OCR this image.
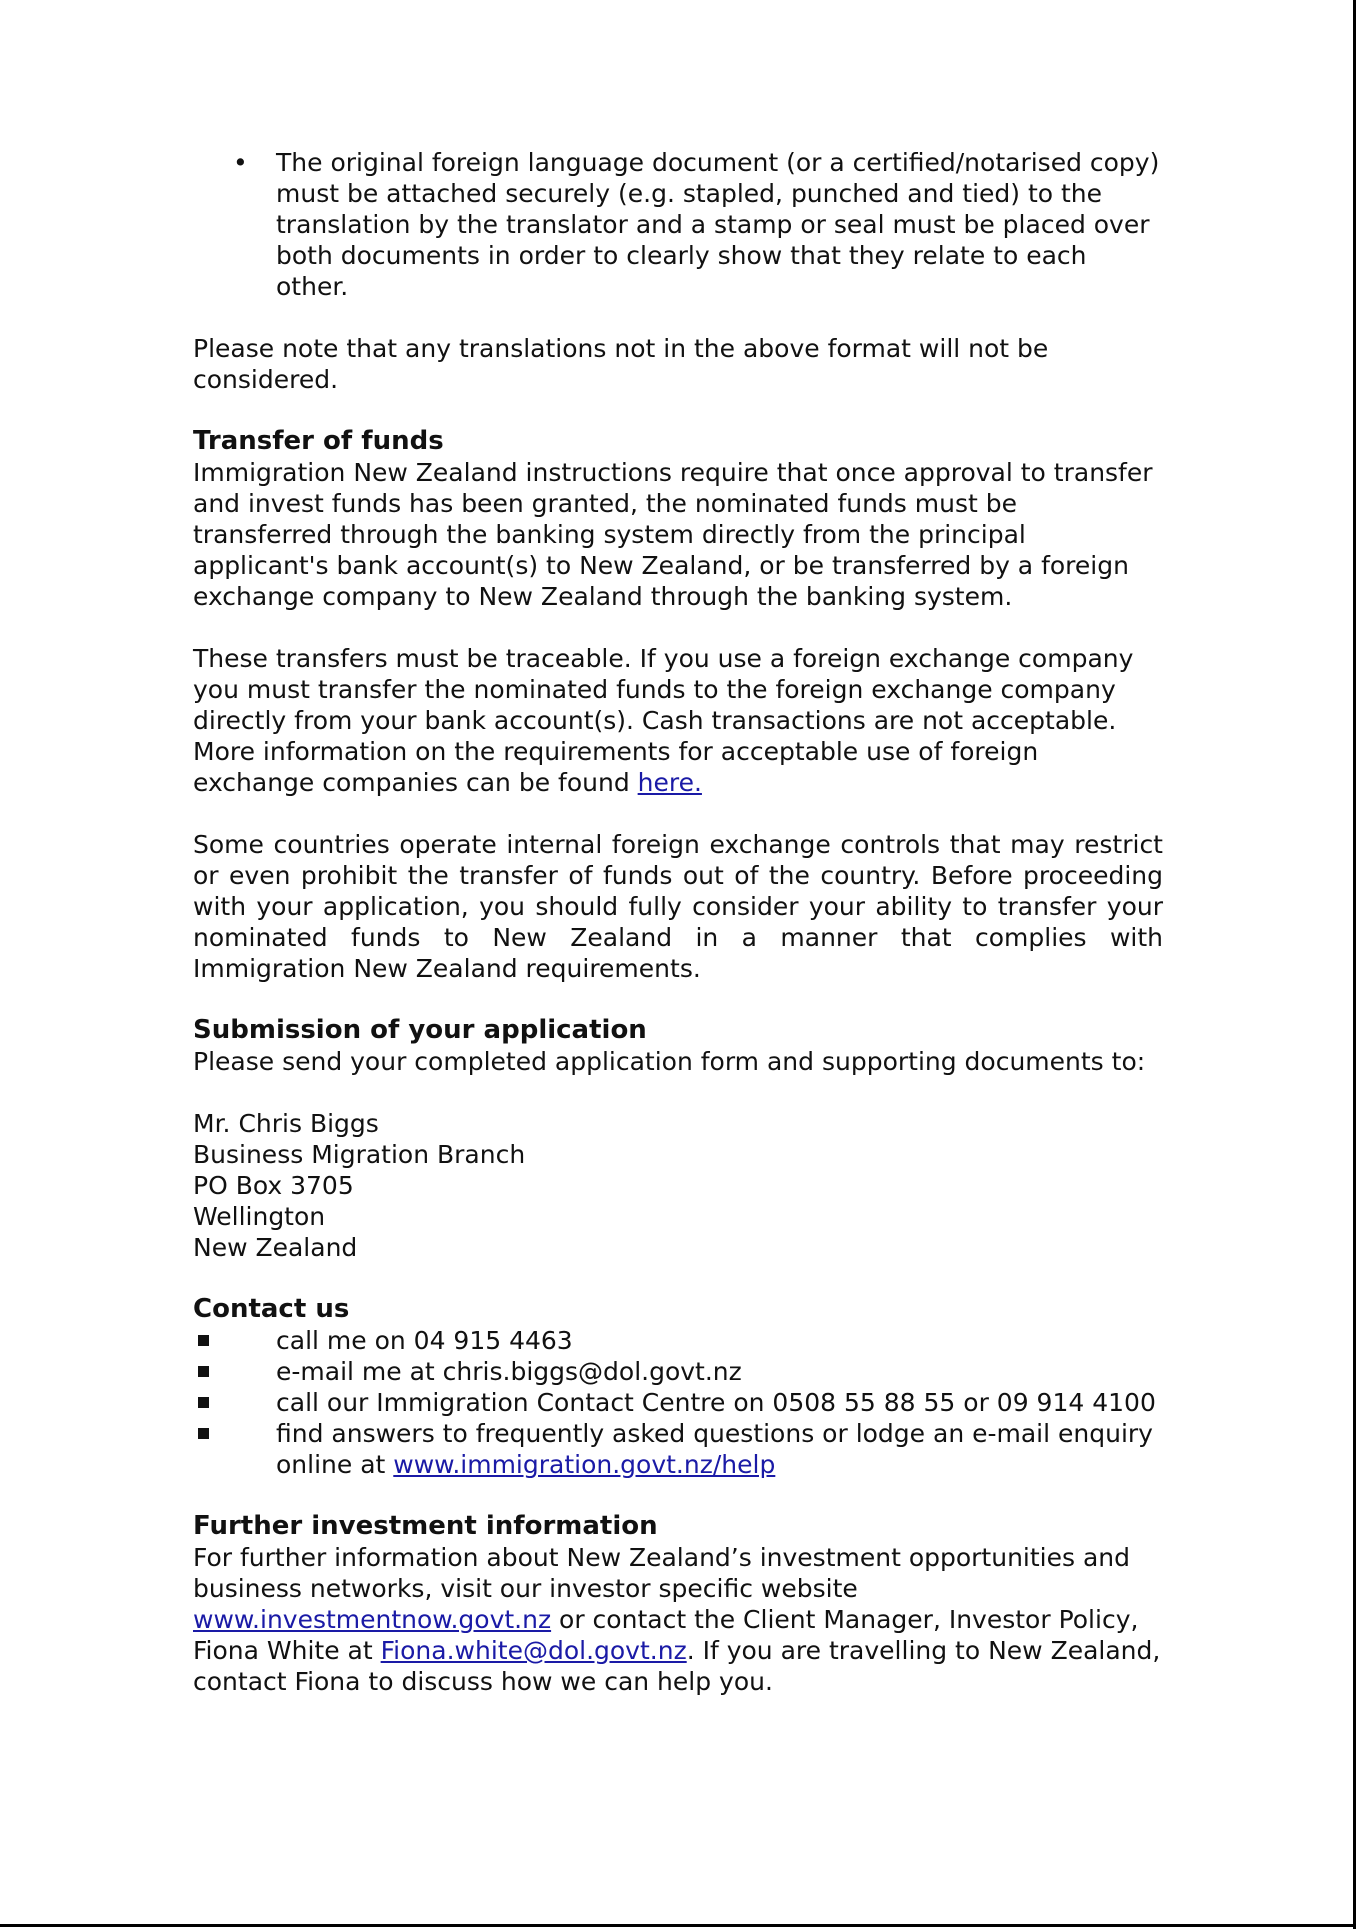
• The original foreign language document (or a certified/notarised copy) must be attached securely (e.g. stapled, punched and tied) to the translation by the translator and a stamp or seal must be placed over both documents in order to clearly show that they relate to each other.

Please note that any translations not in the above format will not be considered.

Transfer of funds

Immigration New Zealand instructions require that once approval to transfer and invest funds has been granted, the nominated funds must be transferred through the banking system directly from the principal applicant's bank account(s) to New Zealand, or be transferred by a foreign exchange company to New Zealand through the banking system.

These transfers must be traceable. If you use a foreign exchange company you must transfer the nominated funds to the foreign exchange company directly from your bank account(s). Cash transactions are not acceptable. More information on the requirements for acceptable use of foreign exchange companies can be found here.

Some countries operate internal foreign exchange controls that may restrict or even prohibit the transfer of funds out of the country. Before proceeding with your application, you should fully consider your ability to transfer your nominated funds to New Zealand in a manner that complies with Immigration New Zealand requirements.

Submission of your application

Please send your completed application form and supporting documents to:

Mr. Chris Biggs
Business Migration Branch
PO Box 3705
Wellington
New Zealand

Contact us
call me on 04 915 4463
e-mail me at chris.biggs@dol.govt.nz
call our Immigration Contact Centre on 0508 55 88 55 or 09 914 4100
find answers to frequently asked questions or lodge an e-mail enquiry online at www.immigration.govt.nz/help
Further investment information

For further information about New Zealand’s investment opportunities and business networks, visit our investor specific website www.investmentnow.govt.nz or contact the Client Manager, Investor Policy, Fiona White at Fiona.white@dol.govt.nz. If you are travelling to New Zealand, contact Fiona to discuss how we can help you.
